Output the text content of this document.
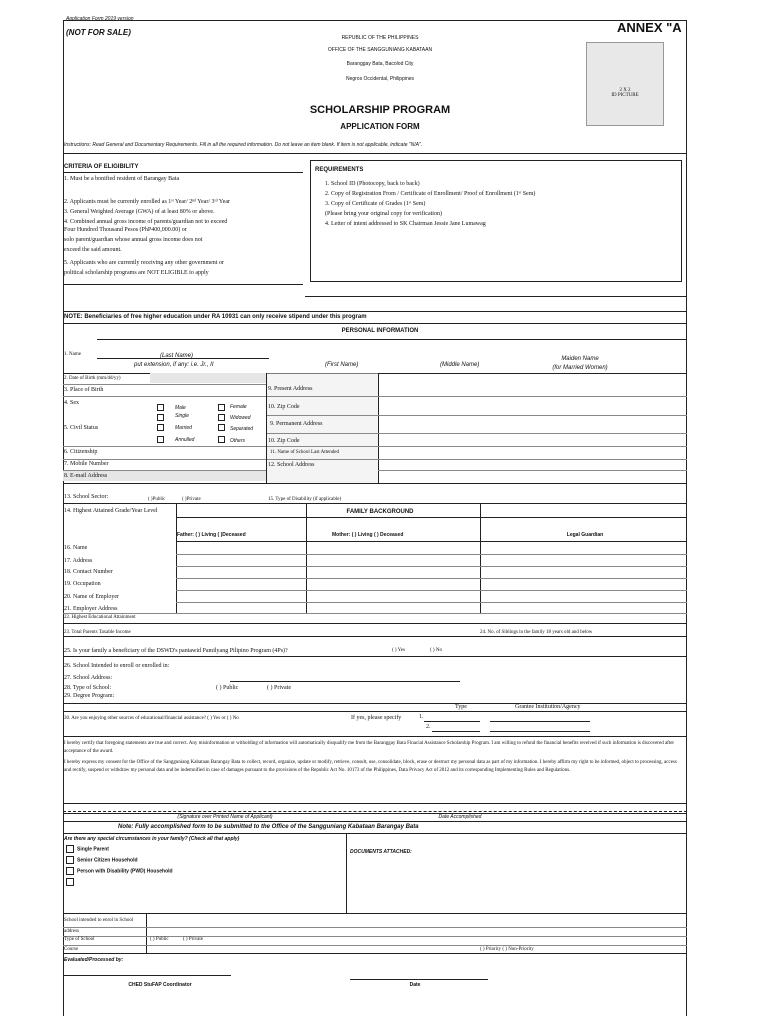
Application Form 2019 version
(NOT FOR SALE)	ANNEX "A
REPUBLIC OF THE PHILIPPINES
OFFICE OF THE SANGGUNIANG KABATAAN
Baranggay Bata, Bacolod City
Negros Occidental, Philippines
SCHOLARSHIP PROGRAM
APPLICATION FORM
2 X 2
ID PICTURE
Instructions: Read General and Documentary Requirements. Fill in all the required information. Do not leave an item blank. If item is not applicable, indicate "N/A".
CRITERIA OF ELIGIBILITY
1. Must be a bonified resident of Barangay Bata
2. Applicants must be currently enrolled as 1ˢᵗ Year/ 2ⁿᵈ Year/ 3ʳᵈ Year
3. General Weighted Average (GWA) of at least 80% or above.
4. Combined annual gross income of parents/guardian not to exceed
Four Hundred Thousand Pesos (PhP400,000.00) or
solo parent/guardian whose annual gross income does not
exceed the said amount.
5. Applicants who are currently receiving any other government or
political scholarship programs are NOT ELIGIBLE to apply
REQUIREMENTS
1. School ID (Photocopy, back to back)
2. Copy of Registration From / Certificate of Enrollment/ Proof of Enrollment (1ˢᵗ Sem)
3. Copy of Certificate of Grades (1ˢᵗ Sem)
(Please bring your original copy for verification)
4. Letter of intent addressed to SK Chairman Jessie Jane Lumawag
NOTE: Beneficiaries of free higher education under RA 10931 can only receive stipend under this program
PERSONAL INFORMATION
1. Name	(Last Name)
put extension, if any: i.e. Jr., II	(First Name)	(Middle Name)
Maiden Name
(for Married Women)
2. Date of Birth (mm/dd/yy)
3. Place of Birth
4. Sex
Male	Female
Single	Widowed
5. Civil Status	Married	Separated
Annulled	Others
6. Citizenship
7. Mobile Number
8. E-mail Address
9. Present Address
10. Zip Code
9. Permanent Address
10. Zip Code
11. Name of School Last Attended
12. School Address
13. School Sector:	( )Public	( )Private	15. Type of Disability (if applicable)
14. Highest Attained Grade/Year Level	FAMILY BACKGROUND
Father: ( ) Living ( )Deceased	Mother: ( ) Living ( ) Deceased	Legal Guardian
16. Name
17. Address
18. Contact Number
19. Occupation
20. Name of Employer
21. Employer Address
22. Highest Educational Attainment
23. Total Parents Taxable Income	24. No. of Siblings in the family 18 years old and below
25. Is your family a beneficiary of the DSWD's pantawid Pamilyang Pilipino Program (4Ps)?	( ) Yes	( ) No
26. School Intended to enroll or enrolled in:
27. School Address:
28. Type of School:	( ) Public	( ) Private
29. Degree Program:
Type	Grantee Institution/Agency
30. Are you enjoying other sources of educational/financial assistance? ( ) Yes or ( ) No	If yes, please specify	1.
2.
I hereby certify that foregoing statements are true and correct. Any misinformation or witholding of information will automatically disqualify me from the Baranggay Bata Finacial Assistance Scholarship Program. I am willing to refund the financial benefits received if such information is discovered after acceptance of the award.
I hereby express my consent for the Office of the Sangguniang Kabataan Barangay Bata to collect, record, organize, update or modify, retrieve, consult, use, consolidate, block, erase or destruct my personal data as part of my information. I hereby affirm my right to be informed, object to processing, access and rectify, suspend or withdraw my personal data and be indemnified in case of damages pursuant to the provisions of the Republic Act No. 10173 of the Philippines, Data Privacy Act of 2012 and its corresponding Implementing Rules and Regulations.
(Signature over Printed Name of Applicant)	Date Accomplished
Note: Fully accomplished form to be submitted to the Office of the Sangguniang Kabataan Barangay Bata
Are there any special circumstances in your family? (Check all that apply)
DOCUMENTS ATTACHED:
Single Parent
Senior Citizen Household
Person with Disability (PWD) Household
School intended to enrol in School
address
Type of School	( ) Public	( ) Private
Course	( ) Priority ( ) Non-Priority
Evaluated/Processed by:
CHED StuFAP Coordinator	Date
